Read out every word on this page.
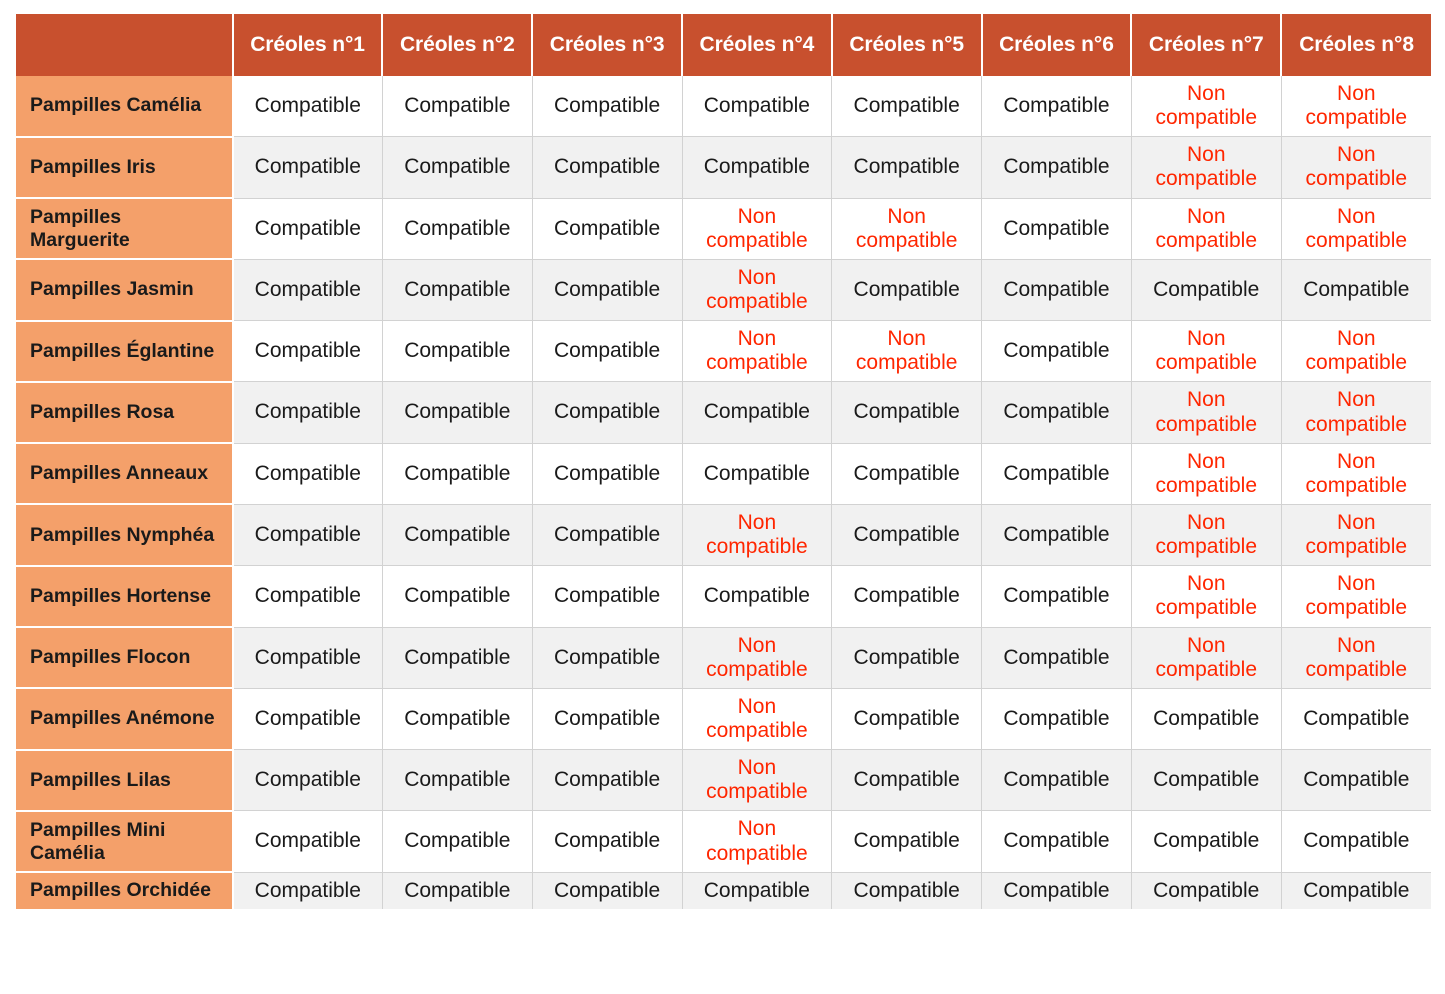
	Créoles n°1	Créoles n°2	Créoles n°3	Créoles n°4	Créoles n°5	Créoles n°6	Créoles n°7	Créoles n°8
Pampilles Camélia	Compatible	Compatible	Compatible	Compatible	Compatible	Compatible	Non compatible	Non compatible
Pampilles Iris	Compatible	Compatible	Compatible	Compatible	Compatible	Compatible	Non compatible	Non compatible
Pampilles Marguerite	Compatible	Compatible	Compatible	Non compatible	Non compatible	Compatible	Non compatible	Non compatible
Pampilles Jasmin	Compatible	Compatible	Compatible	Non compatible	Compatible	Compatible	Compatible	Compatible
Pampilles Églantine	Compatible	Compatible	Compatible	Non compatible	Non compatible	Compatible	Non compatible	Non compatible
Pampilles Rosa	Compatible	Compatible	Compatible	Compatible	Compatible	Compatible	Non compatible	Non compatible
Pampilles Anneaux	Compatible	Compatible	Compatible	Compatible	Compatible	Compatible	Non compatible	Non compatible
Pampilles Nymphéa	Compatible	Compatible	Compatible	Non compatible	Compatible	Compatible	Non compatible	Non compatible
Pampilles Hortense	Compatible	Compatible	Compatible	Compatible	Compatible	Compatible	Non compatible	Non compatible
Pampilles Flocon	Compatible	Compatible	Compatible	Non compatible	Compatible	Compatible	Non compatible	Non compatible
Pampilles Anémone	Compatible	Compatible	Compatible	Non compatible	Compatible	Compatible	Compatible	Compatible
Pampilles Lilas	Compatible	Compatible	Compatible	Non compatible	Compatible	Compatible	Compatible	Compatible
Pampilles Mini Camélia	Compatible	Compatible	Compatible	Non compatible	Compatible	Compatible	Compatible	Compatible
Pampilles Orchidée	Compatible	Compatible	Compatible	Compatible	Compatible	Compatible	Compatible	Compatible
